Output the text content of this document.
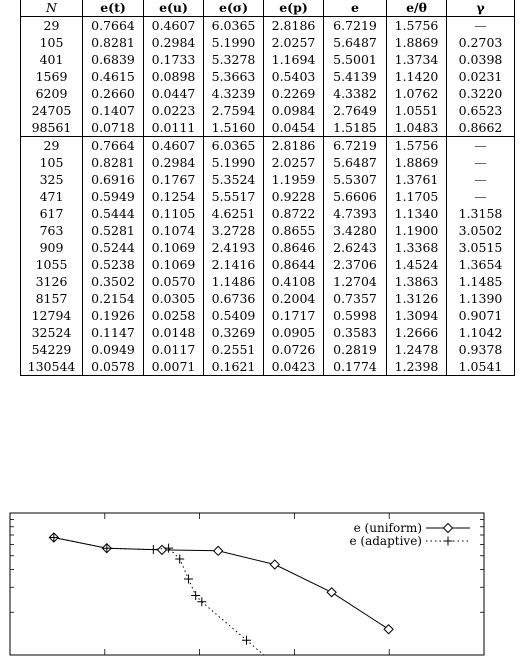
N	e(t)	e(u)	e(σ)	e(p)	e	e/θ	γ
29	0.7664	0.4607	6.0365	2.8186	6.7219	1.5756	—
105	0.8281	0.2984	5.1990	2.0257	5.6487	1.8869	0.2703
401	0.6839	0.1733	5.3278	1.1694	5.5001	1.3734	0.0398
1569	0.4615	0.0898	5.3663	0.5403	5.4139	1.1420	0.0231
6209	0.2660	0.0447	4.3239	0.2269	4.3382	1.0762	0.3220
24705	0.1407	0.0223	2.7594	0.0984	2.7649	1.0551	0.6523
98561	0.0718	0.0111	1.5160	0.0454	1.5185	1.0483	0.8662
29	0.7664	0.4607	6.0365	2.8186	6.7219	1.5756	—
105	0.8281	0.2984	5.1990	2.0257	5.6487	1.8869	—
325	0.6916	0.1767	5.3524	1.1959	5.5307	1.3761	—
471	0.5949	0.1254	5.5517	0.9228	5.6606	1.1705	—
617	0.5444	0.1105	4.6251	0.8722	4.7393	1.1340	1.3158
763	0.5281	0.1074	3.2728	0.8655	3.4280	1.1900	3.0502
909	0.5244	0.1069	2.4193	0.8646	2.6243	1.3368	3.0515
1055	0.5238	0.1069	2.1416	0.8644	2.3706	1.4524	1.3654
3126	0.3502	0.0570	1.1486	0.4108	1.2704	1.3863	1.1485
8157	0.2154	0.0305	0.6736	0.2004	0.7357	1.3126	1.1390
12794	0.1926	0.0258	0.5409	0.1717	0.5998	1.3094	0.9071
32524	0.1147	0.0148	0.3269	0.0905	0.3583	1.2666	1.1042
54229	0.0949	0.0117	0.2551	0.0726	0.2819	1.2478	0.9378
130544	0.0578	0.0071	0.1621	0.0423	0.1774	1.2398	1.0541
e (uniform)
e (adaptive)
